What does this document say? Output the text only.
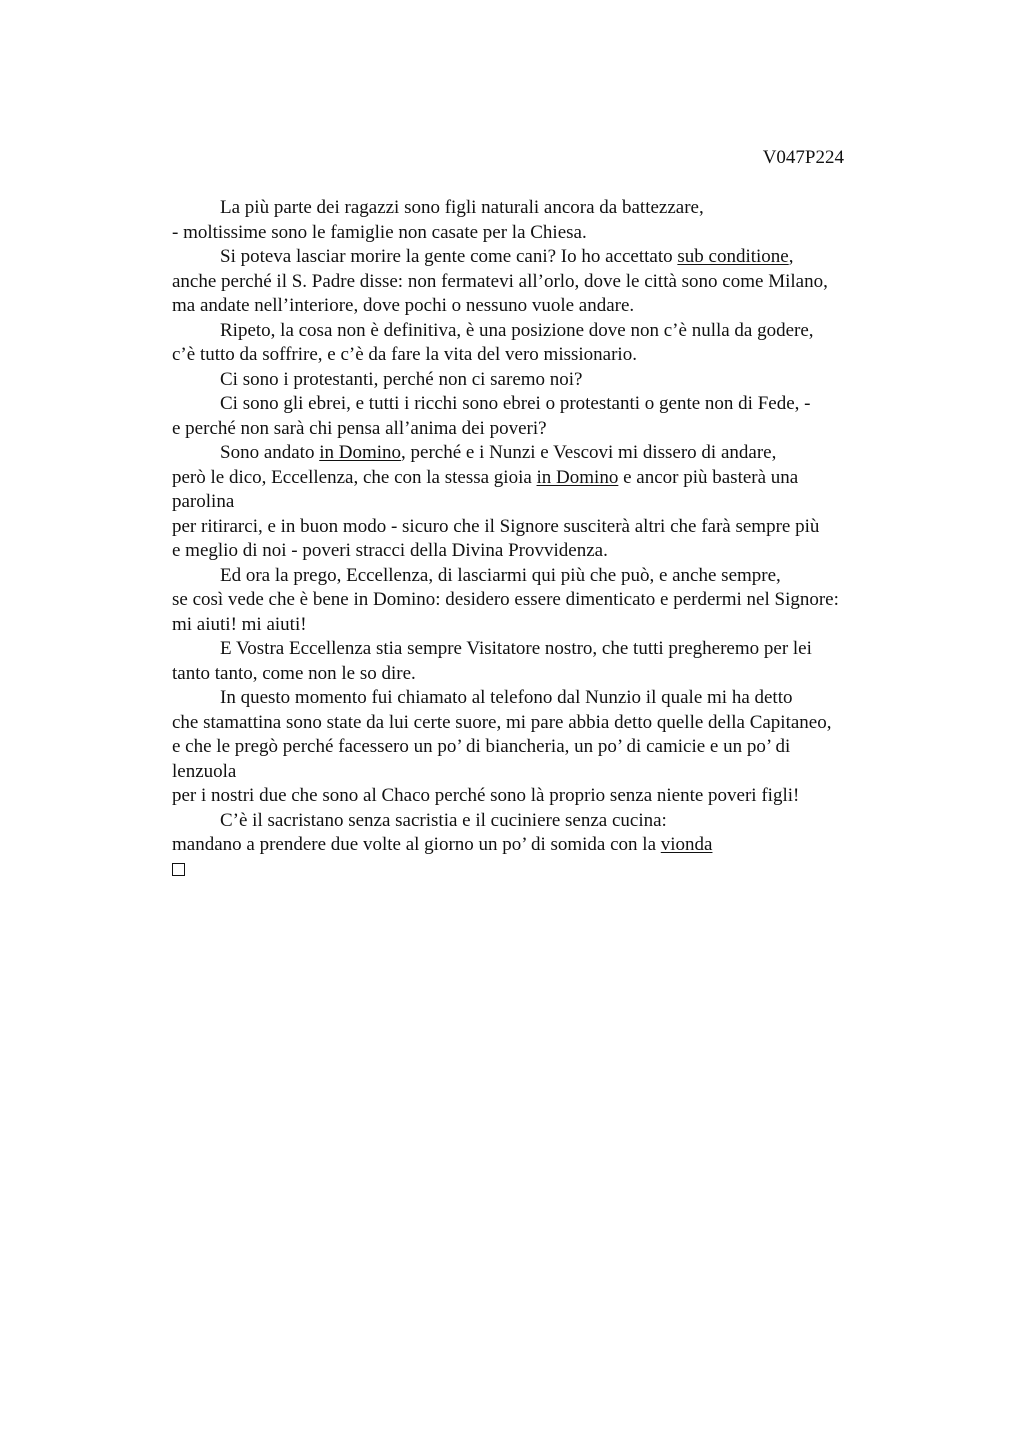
V047P224
La più parte dei ragazzi sono figli naturali ancora da battezzare,
- moltissime sono le famiglie non casate per la Chiesa.
Si poteva lasciar morire la gente come cani? Io ho accettato sub conditione,
anche perché il S. Padre disse: non fermatevi all’orlo, dove le città sono come Milano,
ma andate nell’interiore, dove pochi o nessuno vuole andare.
Ripeto, la cosa non è definitiva, è una posizione dove non c’è nulla da godere,
c’è tutto da soffrire, e c’è da fare la vita del vero missionario.
Ci sono i protestanti, perché non ci saremo noi?
Ci sono gli ebrei, e tutti i ricchi sono ebrei o protestanti o gente non di Fede, -
e perché non sarà chi pensa all’anima dei poveri?
Sono andato in Domino, perché e i Nunzi e Vescovi mi dissero di andare,
però le dico, Eccellenza, che con la stessa gioia in Domino e ancor più basterà una
parolina
per ritirarci, e in buon modo - sicuro che il Signore susciterà altri che farà sempre più
e meglio di noi - poveri stracci della Divina Provvidenza.
Ed ora la prego, Eccellenza, di lasciarmi qui più che può, e anche sempre,
se così vede che è bene in Domino: desidero essere dimenticato e perdermi nel Signore:
mi aiuti! mi aiuti!
E Vostra Eccellenza stia sempre Visitatore nostro, che tutti pregheremo per lei
tanto tanto, come non le so dire.
In questo momento fui chiamato al telefono dal Nunzio il quale mi ha detto
che stamattina sono state da lui certe suore, mi pare abbia detto quelle della Capitaneo,
e che le pregò perché facessero un po’ di biancheria, un po’ di camicie e un po’ di
lenzuola
per i nostri due che sono al Chaco perché sono là proprio senza niente poveri figli!
C’è il sacristano senza sacristia e il cuciniere senza cucina:
mandano a prendere due volte al giorno un po’ di somida con la vionda
